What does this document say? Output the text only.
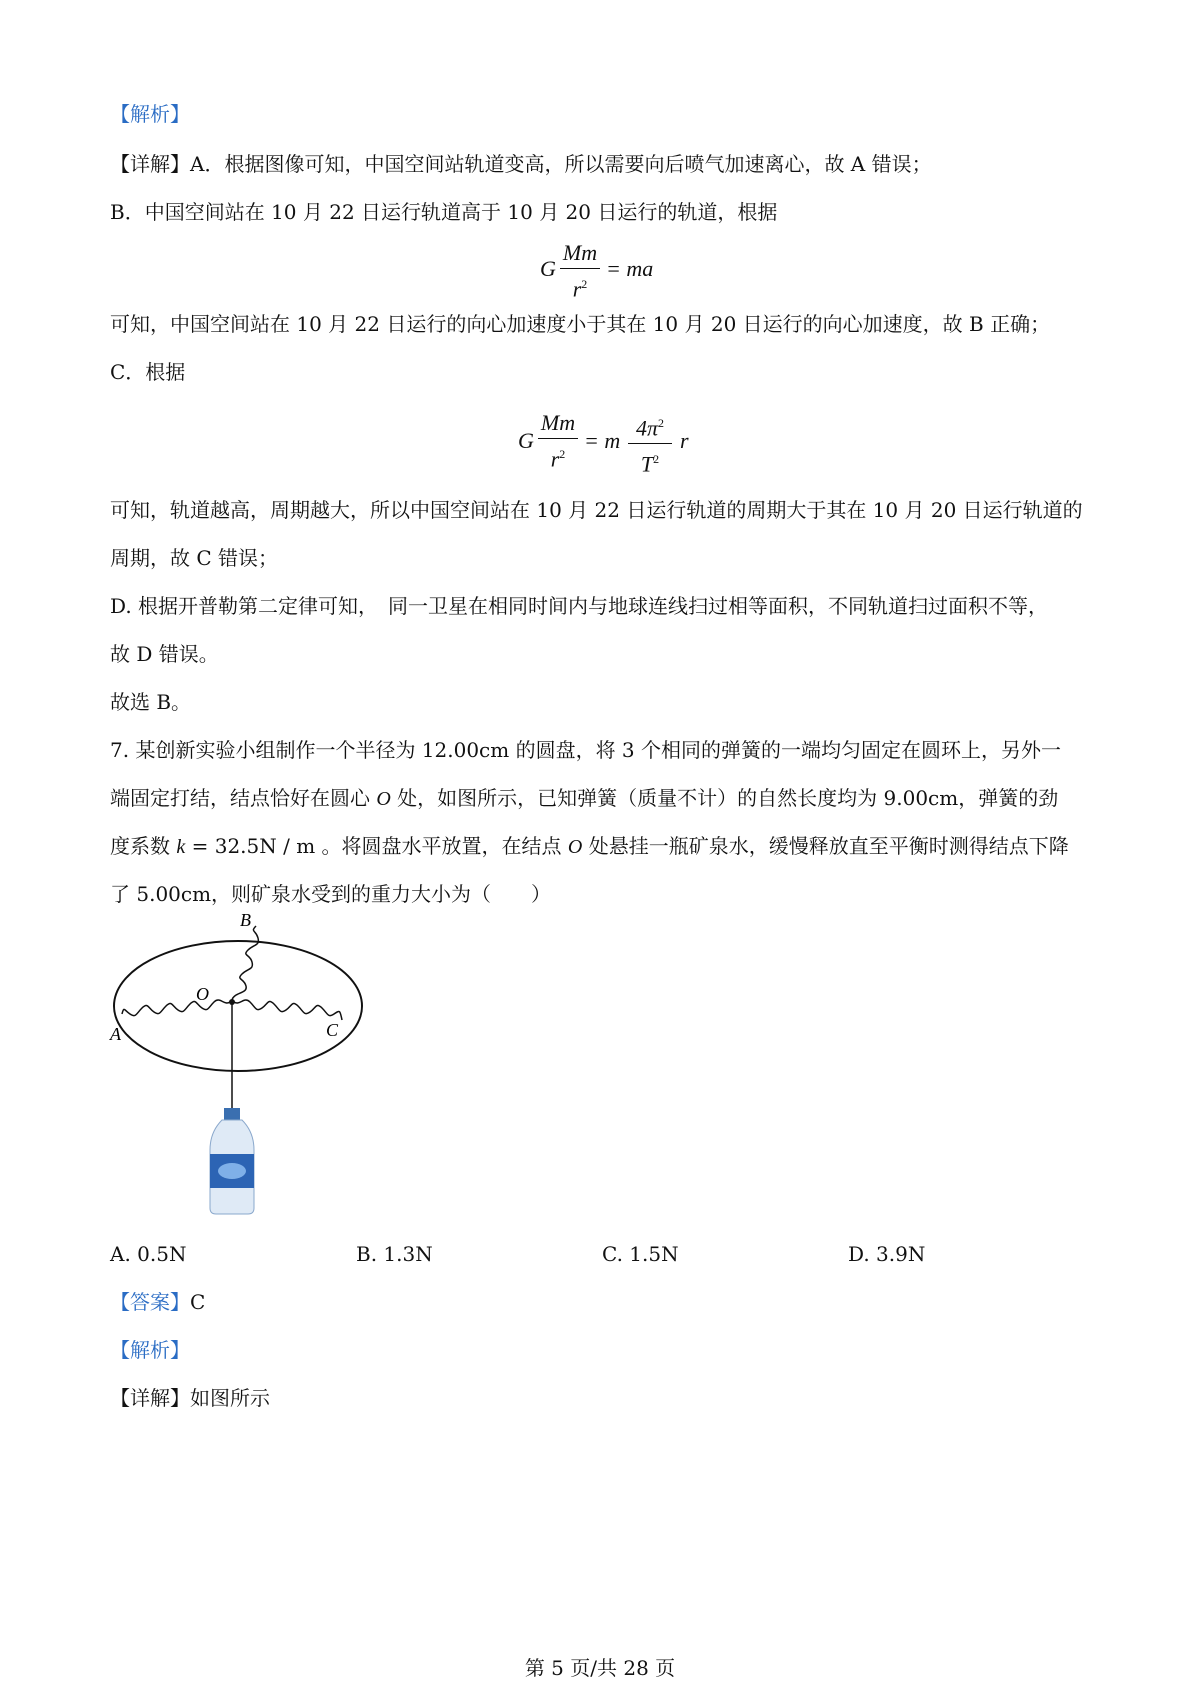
【解析】
【详解】A．根据图像可知，中国空间站轨道变高，所以需要向后喷气加速离心，故 A 错误；
B．中国空间站在 10 月 22 日运行轨道高于 10 月 20 日运行的轨道，根据
G
Mm
$r^2$
= ma
可知，中国空间站在 10 月 22 日运行的向心加速度小于其在 10 月 20 日运行的向心加速度，故 B 正确；
C．根据
G
Mm
$r^2$
= m
$4\pi^2$
$T^2$
r
可知，轨道越高，周期越大，所以中国空间站在 10 月 22 日运行轨道的周期大于其在 10 月 20 日运行轨道的
周期，故 C 错误；
D. 根据开普勒第二定律可知，　同一卫星在相同时间内与地球连线扫过相等面积，不同轨道扫过面积不等，
故 D 错误。
故选 B。
7. 某创新实验小组制作一个半径为 12.00cm 的圆盘，将 3 个相同的弹簧的一端均匀固定在圆环上，另外一
端固定打结，结点恰好在圆心 O 处，如图所示，已知弹簧（质量不计）的自然长度均为 9.00cm，弹簧的劲
度系数 k = 32.5N / m 。将圆盘水平放置，在结点 O 处悬挂一瓶矿泉水，缓慢释放直至平衡时测得结点下降
了 5.00cm，则矿泉水受到的重力大小为（　　）
B
O
A	C
A. 0.5N	B. 1.3N	C. 1.5N	D. 3.9N
【答案】C
【解析】
【详解】如图所示
第 5 页/共 28 页
